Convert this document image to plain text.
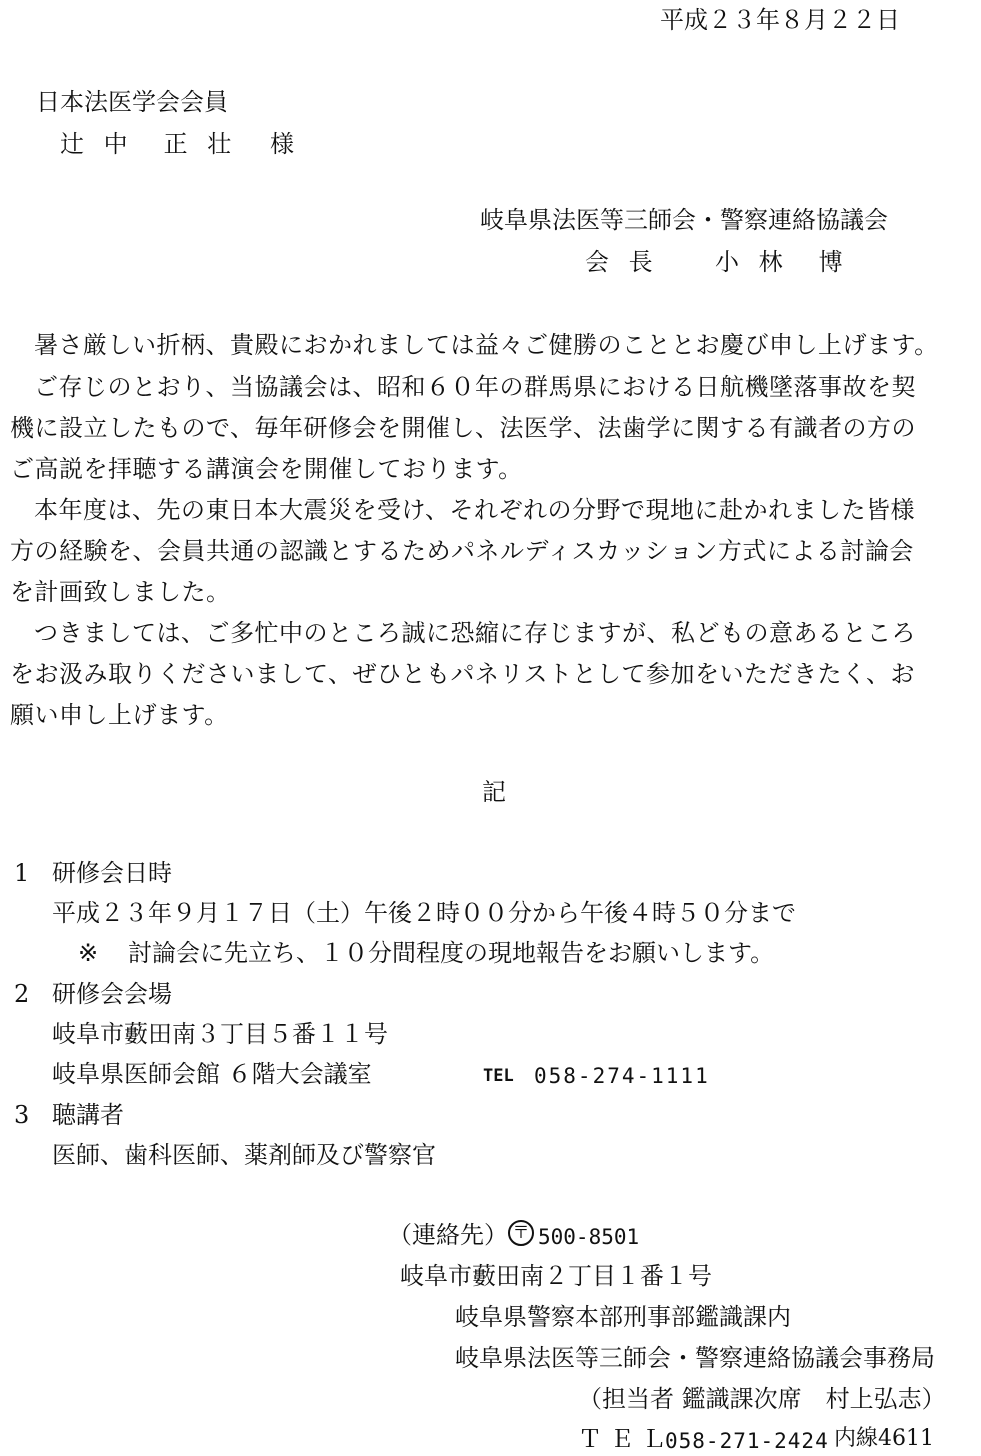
平成２３年８月２２日
日本法医学会会員
辻 中　正 壮 様
岐阜県法医等三師会・警察連絡協議会
会 長 小 林　博
暑さ厳しい折柄、貴殿におかれましては益々ご健勝のこととお慶び申し上げます。
ご存じのとおり、当協議会は、昭和６０年の群馬県における日航機墜落事故を契
機に設立したもので、毎年研修会を開催し、法医学、法歯学に関する有識者の方の
ご高説を拝聴する講演会を開催しております。
本年度は、先の東日本大震災を受け、それぞれの分野で現地に赴かれました皆様
方の経験を、会員共通の認識とするためパネルディスカッション方式による討論会
を計画致しました。
つきましては、ご多忙中のところ誠に恐縮に存じますが、私どもの意あるところ
をお汲み取りくださいまして、ぜひともパネリストとして参加をいただきたく、お
願い申し上げます。
記
1 研修会日時
平成２３年９月１７日（土）午後２時００分から午後４時５０分まで
※ 討論会に先立ち、１０分間程度の現地報告をお願いします。
2 研修会会場
岐阜市藪田南３丁目５番１１号
岐阜県医師会館 ６階大会議室	TEL 058-274-1111
3 聴講者
医師、歯科医師、薬剤師及び警察官
（連絡先） 〒 500-8501
岐阜市藪田南２丁目１番１号
岐阜県警察本部刑事部鑑識課内
岐阜県法医等三師会・警察連絡協議会事務局
（担当者 鑑識課次席　村上弘志）
ＴＥＬ
058-271-2424 内線4611
